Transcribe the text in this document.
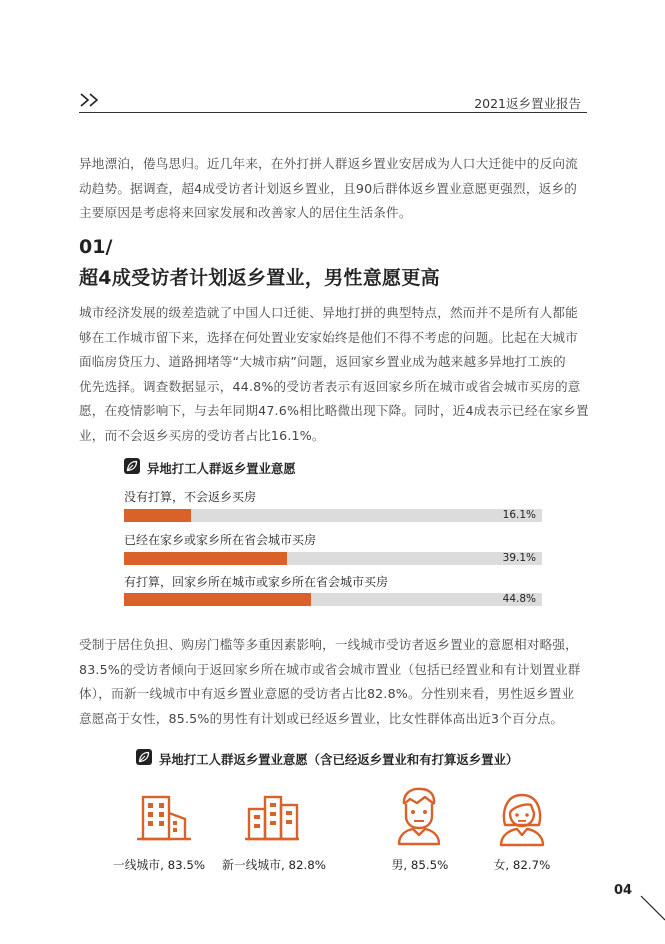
2021返乡置业报告
异地漂泊，倦鸟思归。近几年来，在外打拼人群返乡置业安居成为人口大迁徙中的反向流
动趋势。据调查，超4成受访者计划返乡置业，且90后群体返乡置业意愿更强烈，返乡的
主要原因是考虑将来回家发展和改善家人的居住生活条件。
01/
超4成受访者计划返乡置业，男性意愿更高
城市经济发展的级差造就了中国人口迁徙、异地打拼的典型特点，然而并不是所有人都能
够在工作城市留下来，选择在何处置业安家始终是他们不得不考虑的问题。比起在大城市
面临房贷压力、道路拥堵等“大城市病”问题，返回家乡置业成为越来越多异地打工族的
优先选择。调查数据显示，44.8%的受访者表示有返回家乡所在城市或省会城市买房的意
愿，在疫情影响下，与去年同期47.6%相比略微出现下降。同时，近4成表示已经在家乡置
业，而不会返乡买房的受访者占比16.1%。
异地打工人群返乡置业意愿
没有打算，不会返乡买房
16.1%
已经在家乡或家乡所在省会城市买房
39.1%
有打算，回家乡所在城市或家乡所在省会城市买房
44.8%
受制于居住负担、购房门槛等多重因素影响，一线城市受访者返乡置业的意愿相对略强，
83.5%的受访者倾向于返回家乡所在城市或省会城市置业（包括已经置业和有计划置业群
体），而新一线城市中有返乡置业意愿的受访者占比82.8%。分性别来看，男性返乡置业
意愿高于女性，85.5%的男性有计划或已经返乡置业，比女性群体高出近3个百分点。
异地打工人群返乡置业意愿（含已经返乡置业和有打算返乡置业）
一线城市, 83.5%	新一线城市, 82.8%	男, 85.5%	女, 82.7%
04
